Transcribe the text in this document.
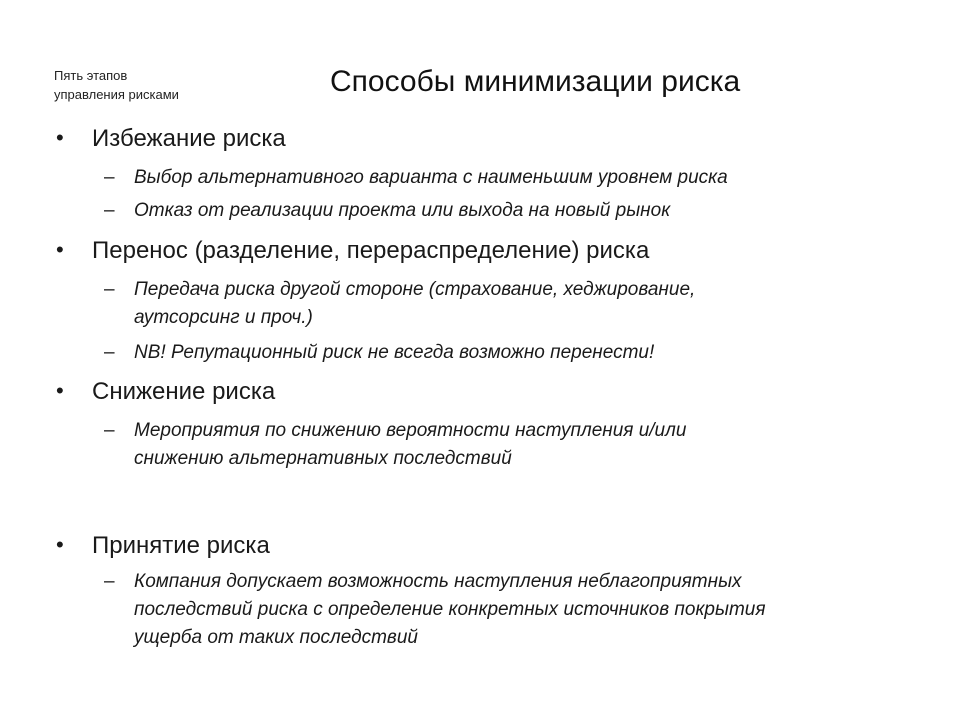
Пять этапов
управления рисками	Способы минимизации риска
• Избежание риска
– Выбор альтернативного варианта с наименьшим уровнем риска
– Отказ от реализации проекта или выхода на новый рынок
• Перенос (разделение, перераспределение) риска
– Передача риска другой стороне (страхование, хеджирование,
аутсорсинг и проч.)
– NB! Репутационный риск не всегда возможно перенести!
• Снижение риска
– Мероприятия по снижению вероятности наступления и/или
снижению альтернативных последствий
• Принятие риска
– Компания допускает возможность наступления неблагоприятных
последствий риска с определение конкретных источников покрытия
ущерба от таких последствий
